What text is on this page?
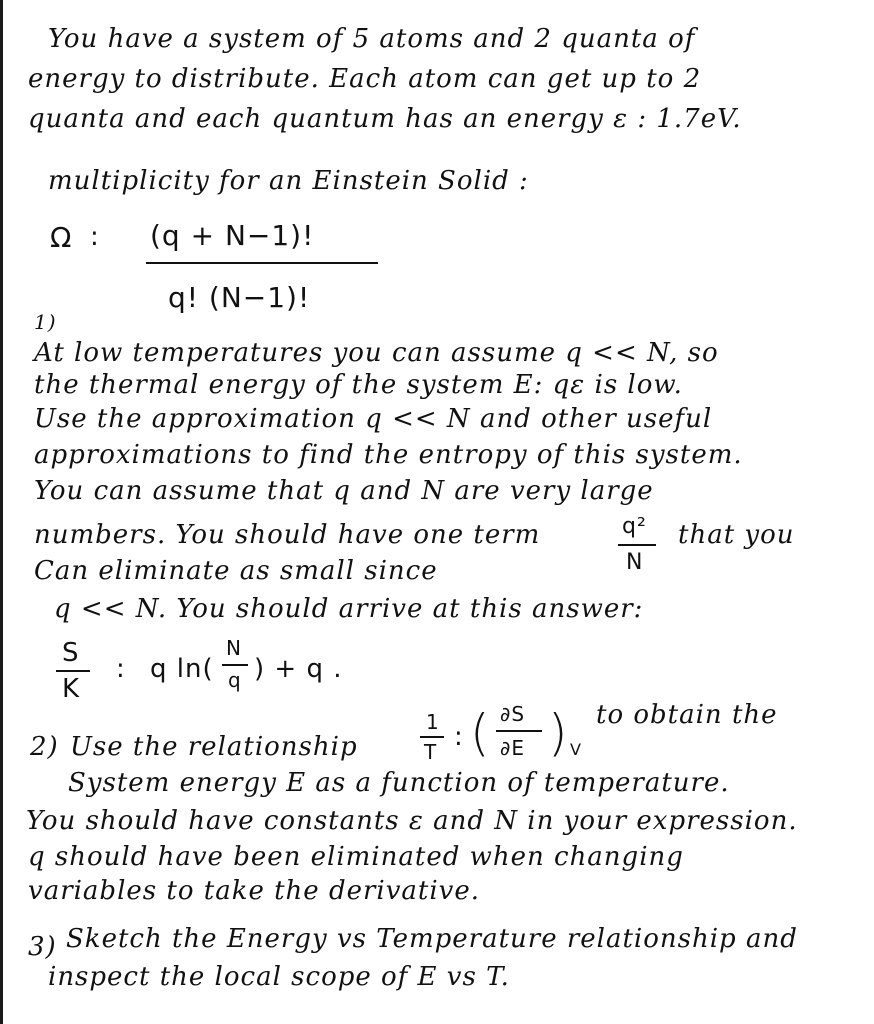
You have a system of 5 atoms and 2 quanta of
energy to distribute. Each atom can get up to 2
quanta and each quantum has an energy ε : 1.7eV.
multiplicity for an Einstein Solid :
Ω : (q + N−1)!
q! (N−1)!
1)
At low temperatures you can assume q << N, so
the thermal energy of the system E: qε is low.
Use the approximation q << N and other useful
approximations to find the entropy of this system.
You can assume that q and N are very large
numbers. You should have one term	q²
N
that you
Can eliminate as small since
q << N. You should arrive at this answer:
S
K
: q ln(
N
q ) + q .
2) Use the relationship
1
T : ( ∂S
∂E ) V
to obtain the
System energy E as a function of temperature.
You should have constants ε and N in your expression.
q should have been eliminated when changing
variables to take the derivative.
3) Sketch the Energy vs Temperature relationship and
inspect the local scope of E vs T.
